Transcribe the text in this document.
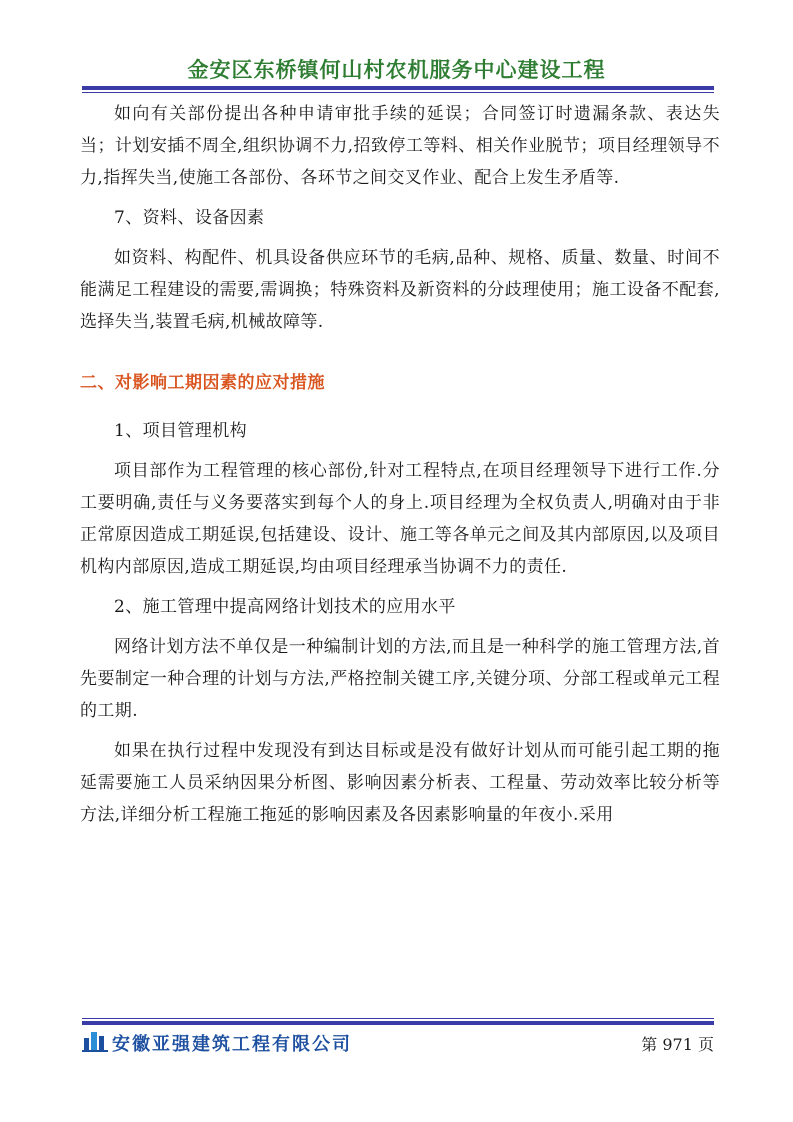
金安区东桥镇何山村农机服务中心建设工程

如向有关部份提出各种申请审批手续的延误；合同签订时遗漏条款、表达失当；计划安插不周全,组织协调不力,招致停工等料、相关作业脱节；项目经理领导不力,指挥失当,使施工各部份、各环节之间交叉作业、配合上发生矛盾等.

7、资料、设备因素

如资料、构配件、机具设备供应环节的毛病,品种、规格、质量、数量、时间不能满足工程建设的需要,需调换；特殊资料及新资料的分歧理使用；施工设备不配套,选择失当,装置毛病,机械故障等.

二、对影响工期因素的应对措施

1、项目管理机构

项目部作为工程管理的核心部份,针对工程特点,在项目经理领导下进行工作.分工要明确,责任与义务要落实到每个人的身上.项目经理为全权负责人,明确对由于非正常原因造成工期延误,包括建设、设计、施工等各单元之间及其内部原因,以及项目机构内部原因,造成工期延误,均由项目经理承当协调不力的责任.

2、施工管理中提高网络计划技术的应用水平

网络计划方法不单仅是一种编制计划的方法,而且是一种科学的施工管理方法,首先要制定一种合理的计划与方法,严格控制关键工序,关键分项、分部工程或单元工程的工期.

如果在执行过程中发现没有到达目标或是没有做好计划从而可能引起工期的拖延需要施工人员采纳因果分析图、影响因素分析表、工程量、劳动效率比较分析等方法,详细分析工程施工拖延的影响因素及各因素影响量的年夜小.采用

安徽亚强建筑工程有限公司	第 971 页
